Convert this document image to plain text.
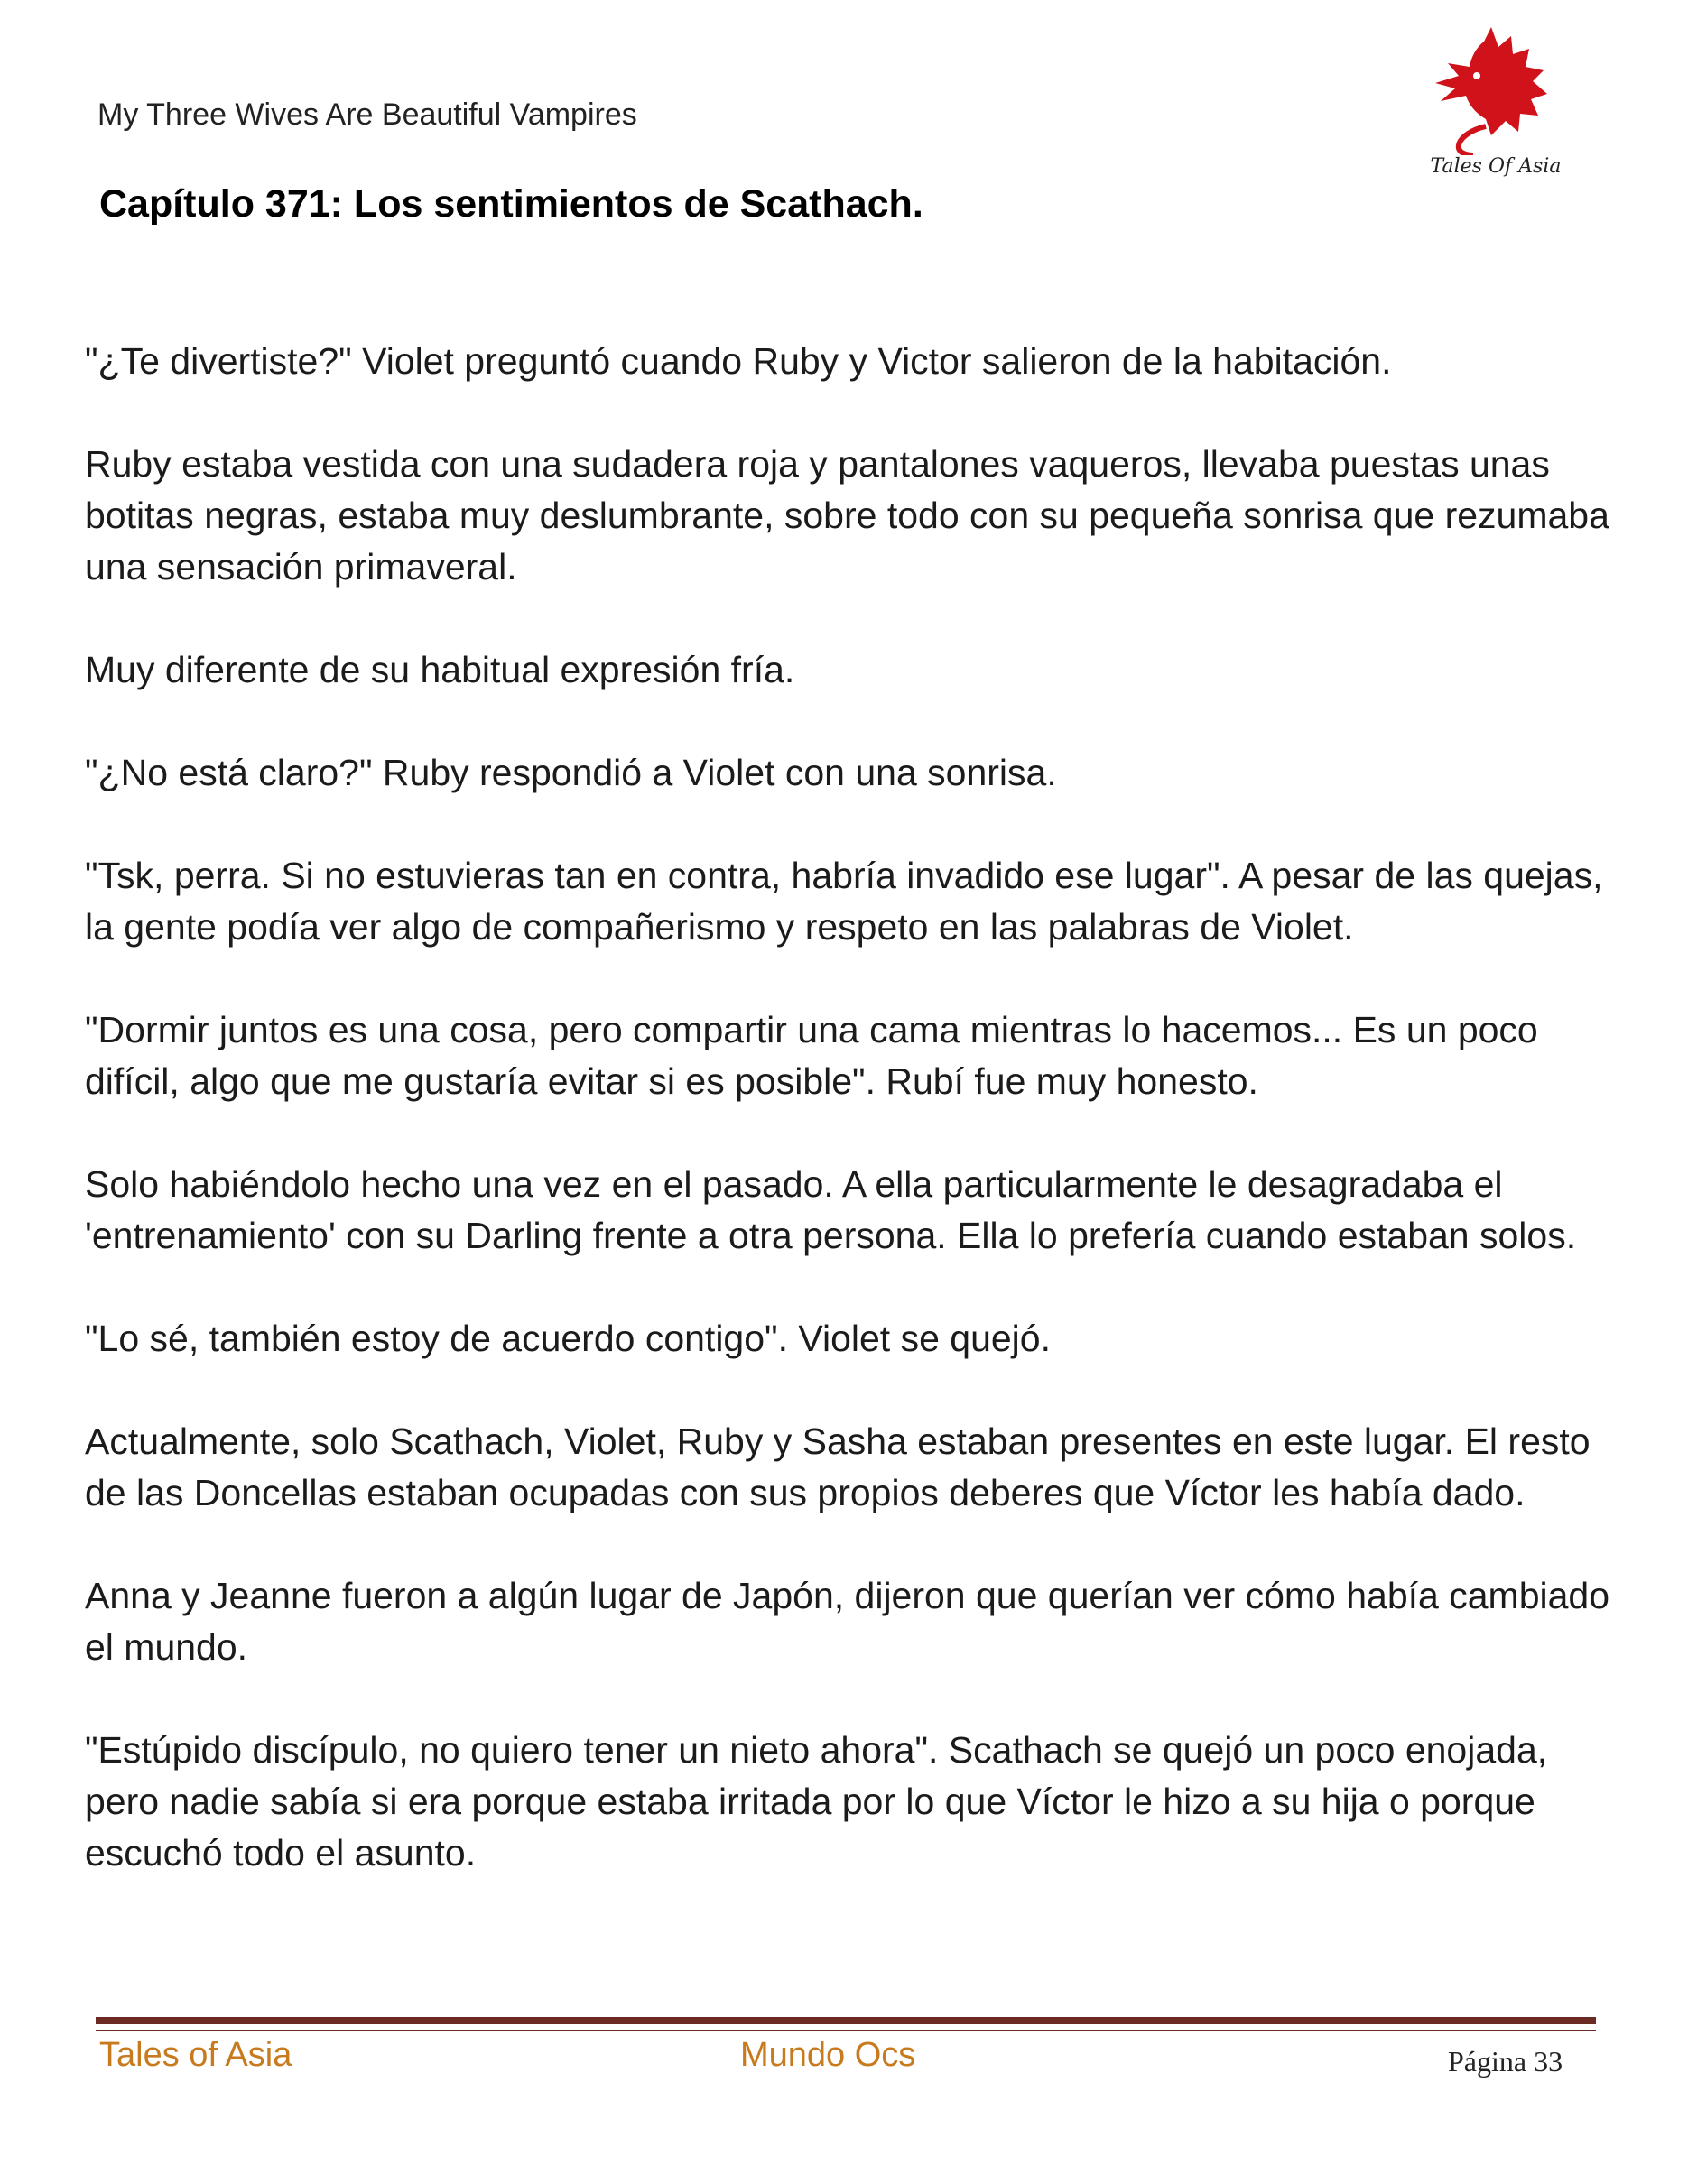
My Three Wives Are Beautiful Vampires
Capítulo 371: Los sentimientos de Scathach.
Tales Of Asia

"¿Te divertiste?" Violet preguntó cuando Ruby y Victor salieron de la habitación.

Ruby estaba vestida con una sudadera roja y pantalones vaqueros, llevaba puestas unas botitas negras, estaba muy deslumbrante, sobre todo con su pequeña sonrisa que rezumaba una sensación primaveral.

Muy diferente de su habitual expresión fría.

"¿No está claro?" Ruby respondió a Violet con una sonrisa.

"Tsk, perra. Si no estuvieras tan en contra, habría invadido ese lugar". A pesar de las quejas, la gente podía ver algo de compañerismo y respeto en las palabras de Violet.

"Dormir juntos es una cosa, pero compartir una cama mientras lo hacemos... Es un poco difícil, algo que me gustaría evitar si es posible". Rubí fue muy honesto.

Solo habiéndolo hecho una vez en el pasado. A ella particularmente le desagradaba el 'entrenamiento' con su Darling frente a otra persona. Ella lo prefería cuando estaban solos.

"Lo sé, también estoy de acuerdo contigo". Violet se quejó.

Actualmente, solo Scathach, Violet, Ruby y Sasha estaban presentes en este lugar. El resto de las Doncellas estaban ocupadas con sus propios deberes que Víctor les había dado.

Anna y Jeanne fueron a algún lugar de Japón, dijeron que querían ver cómo había cambiado el mundo.

"Estúpido discípulo, no quiero tener un nieto ahora". Scathach se quejó un poco enojada, pero nadie sabía si era porque estaba irritada por lo que Víctor le hizo a su hija o porque escuchó todo el asunto.

Tales of Asia	Mundo Ocs	Página 33
